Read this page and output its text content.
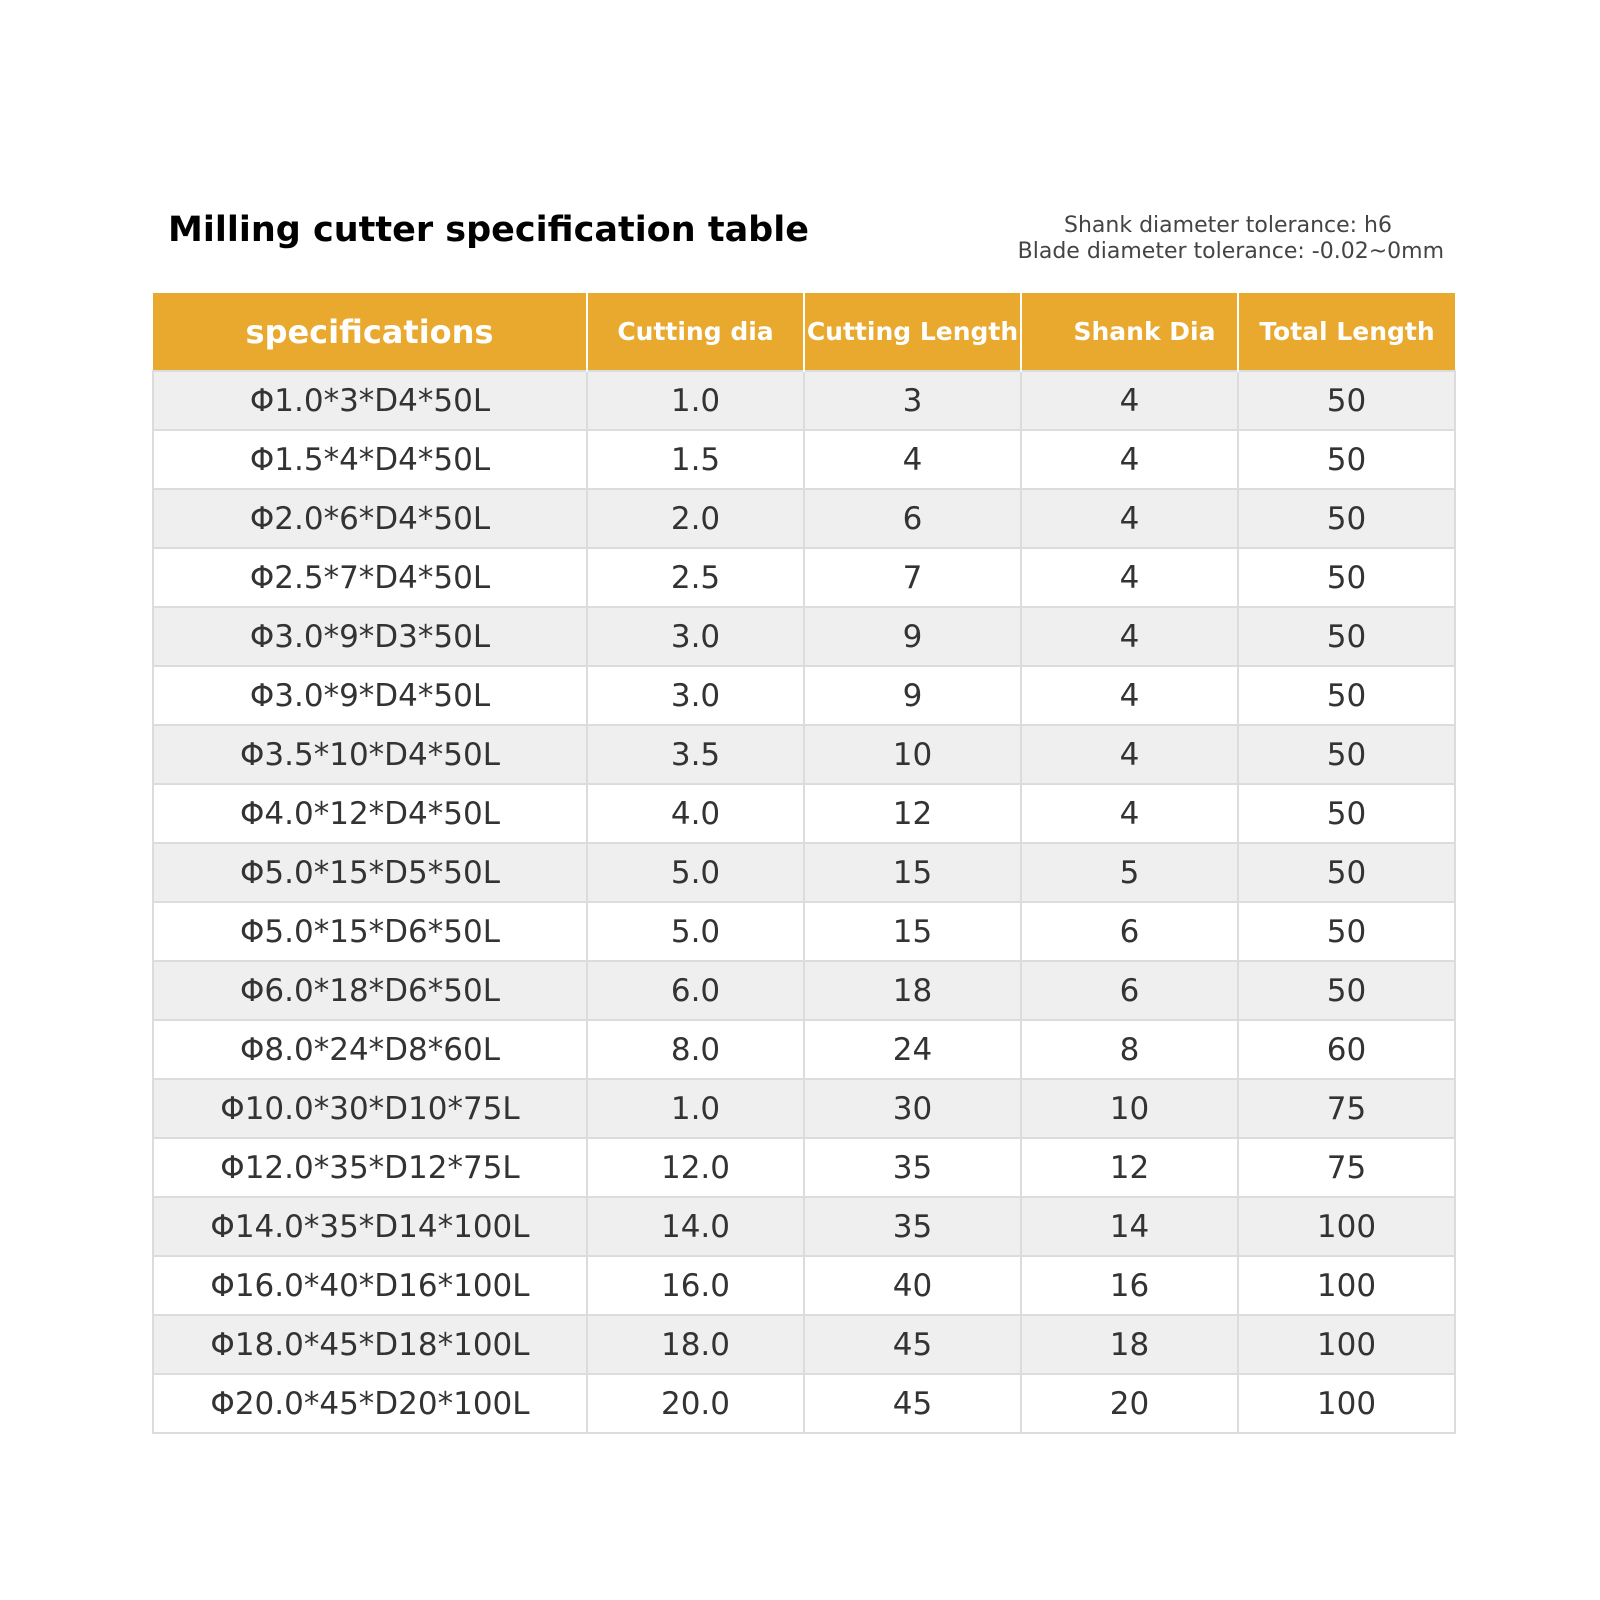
Milling cutter specification table	Shank diameter tolerance: h6
Blade diameter tolerance: -0.02~0mm
specifications	Cutting dia	Cutting Length	Shank Dia	Total Length
Φ1.0*3*D4*50L	1.0	3	4	50
Φ1.5*4*D4*50L	1.5	4	4	50
Φ2.0*6*D4*50L	2.0	6	4	50
Φ2.5*7*D4*50L	2.5	7	4	50
Φ3.0*9*D3*50L	3.0	9	4	50
Φ3.0*9*D4*50L	3.0	9	4	50
Φ3.5*10*D4*50L	3.5	10	4	50
Φ4.0*12*D4*50L	4.0	12	4	50
Φ5.0*15*D5*50L	5.0	15	5	50
Φ5.0*15*D6*50L	5.0	15	6	50
Φ6.0*18*D6*50L	6.0	18	6	50
Φ8.0*24*D8*60L	8.0	24	8	60
Φ10.0*30*D10*75L	1.0	30	10	75
Φ12.0*35*D12*75L	12.0	35	12	75
Φ14.0*35*D14*100L	14.0	35	14	100
Φ16.0*40*D16*100L	16.0	40	16	100
Φ18.0*45*D18*100L	18.0	45	18	100
Φ20.0*45*D20*100L	20.0	45	20	100
